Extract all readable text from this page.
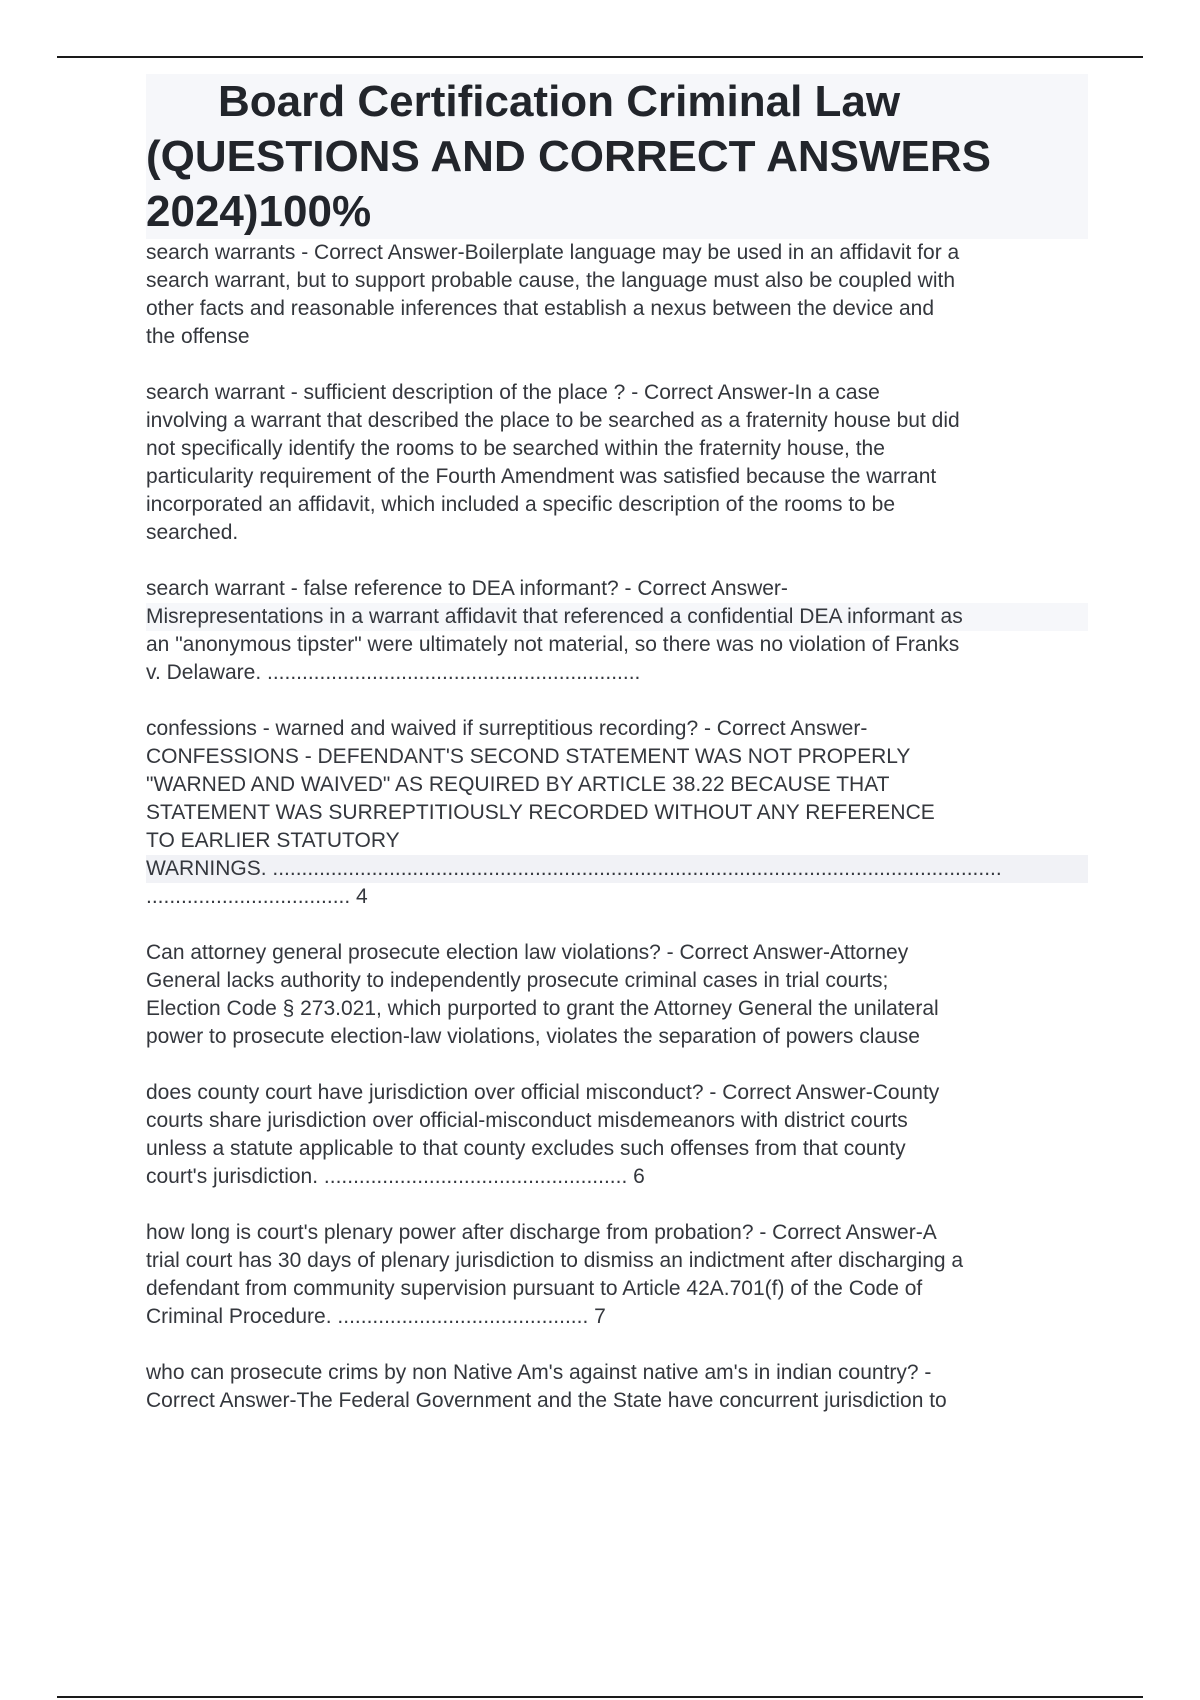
Board Certification Criminal Law
(QUESTIONS AND CORRECT ANSWERS
2024)100%
search warrants - Correct Answer-Boilerplate language may be used in an affidavit for a
search warrant, but to support probable cause, the language must also be coupled with
other facts and reasonable inferences that establish a nexus between the device and
the offense
search warrant - sufficient description of the place ? - Correct Answer-In a case
involving a warrant that described the place to be searched as a fraternity house but did
not specifically identify the rooms to be searched within the fraternity house, the
particularity requirement of the Fourth Amendment was satisfied because the warrant
incorporated an affidavit, which included a specific description of the rooms to be
searched.
search warrant - false reference to DEA informant? - Correct Answer-
Misrepresentations in a warrant affidavit that referenced a confidential DEA informant as
an "anonymous tipster" were ultimately not material, so there was no violation of Franks
v. Delaware. ................................................................
confessions - warned and waived if surreptitious recording? - Correct Answer-
CONFESSIONS - DEFENDANT'S SECOND STATEMENT WAS NOT PROPERLY
"WARNED AND WAIVED" AS REQUIRED BY ARTICLE 38.22 BECAUSE THAT
STATEMENT WAS SURREPTITIOUSLY RECORDED WITHOUT ANY REFERENCE
TO EARLIER STATUTORY
WARNINGS. .............................................................................................................................
................................... 4
Can attorney general prosecute election law violations? - Correct Answer-Attorney
General lacks authority to independently prosecute criminal cases in trial courts;
Election Code § 273.021, which purported to grant the Attorney General the unilateral
power to prosecute election-law violations, violates the separation of powers clause
does county court have jurisdiction over official misconduct? - Correct Answer-County
courts share jurisdiction over official-misconduct misdemeanors with district courts
unless a statute applicable to that county excludes such offenses from that county
court's jurisdiction. .................................................... 6
how long is court's plenary power after discharge from probation? - Correct Answer-A
trial court has 30 days of plenary jurisdiction to dismiss an indictment after discharging a
defendant from community supervision pursuant to Article 42A.701(f) of the Code of
Criminal Procedure. ........................................... 7
who can prosecute crims by non Native Am's against native am's in indian country? -
Correct Answer-The Federal Government and the State have concurrent jurisdiction to
